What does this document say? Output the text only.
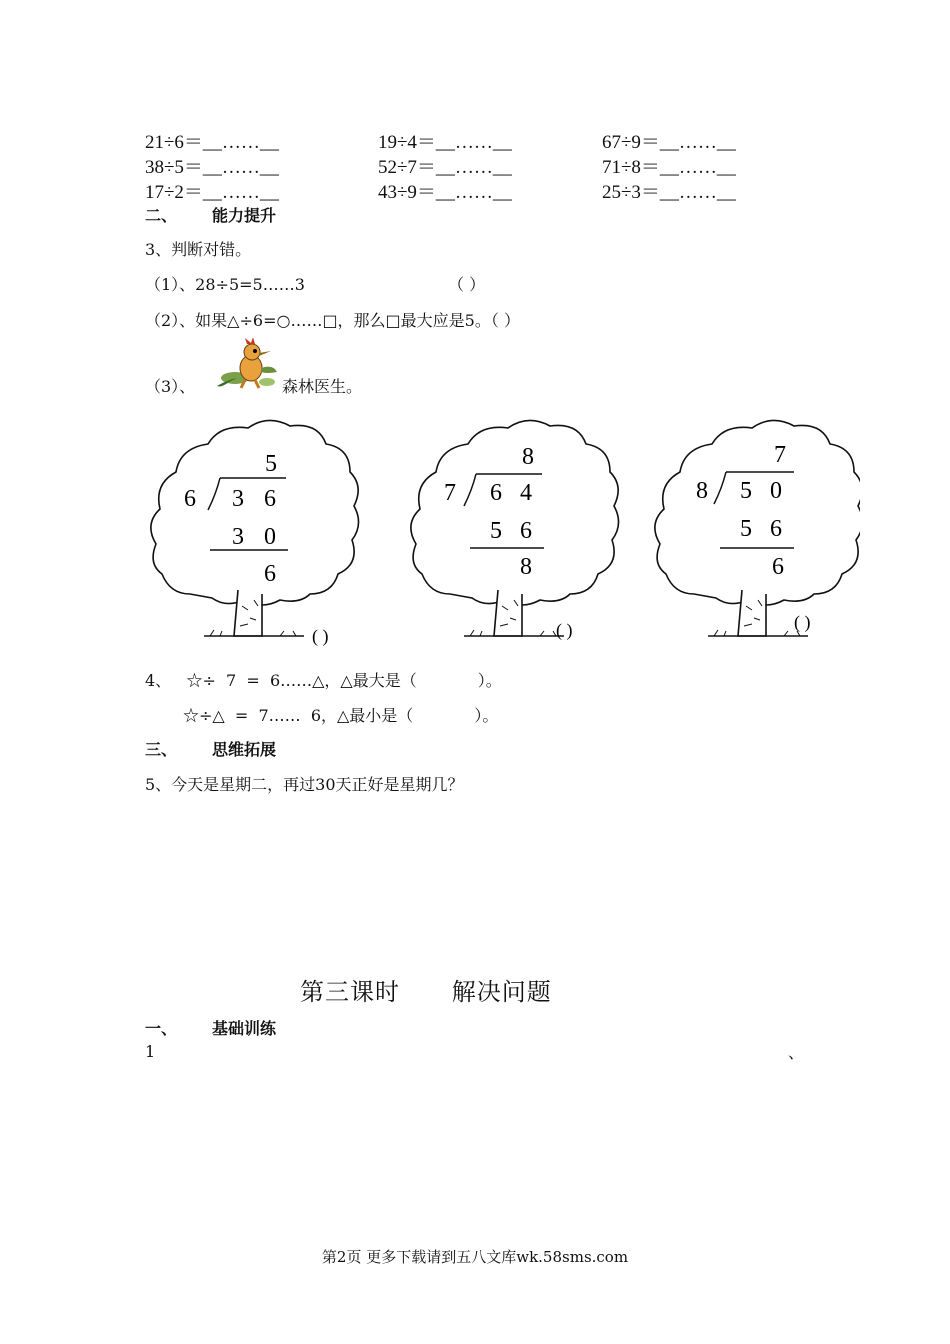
21÷6＝__……__	19÷4＝__……__	67÷9＝__……__
38÷5＝__……__	52÷7＝__……__	71÷8＝__……__
17÷2＝__……__	43÷9＝__……__	25÷3＝__……__
二、 能力提升
3、判断对错。
（1）、28÷5=5……3	（ ）
（2）、如果△÷6=○……□，那么□最大应是5。（ ）
（3）、	森林医生。
5
6 3 6
3 0
6
( )
8
7 6 4
5 6
8
( )
7
8 5 0
5 6
6
( )
4、   ☆÷  7  =  6……△，△最大是（            ）。
☆÷△  =  7……  6，△最小是（            ）。
三、 思维拓展
5、今天是星期二，再过30天正好是星期几？
第三课时      解决问题
一、 基础训练
1	、
第2页 更多下载请到五八文库wk.58sms.com
